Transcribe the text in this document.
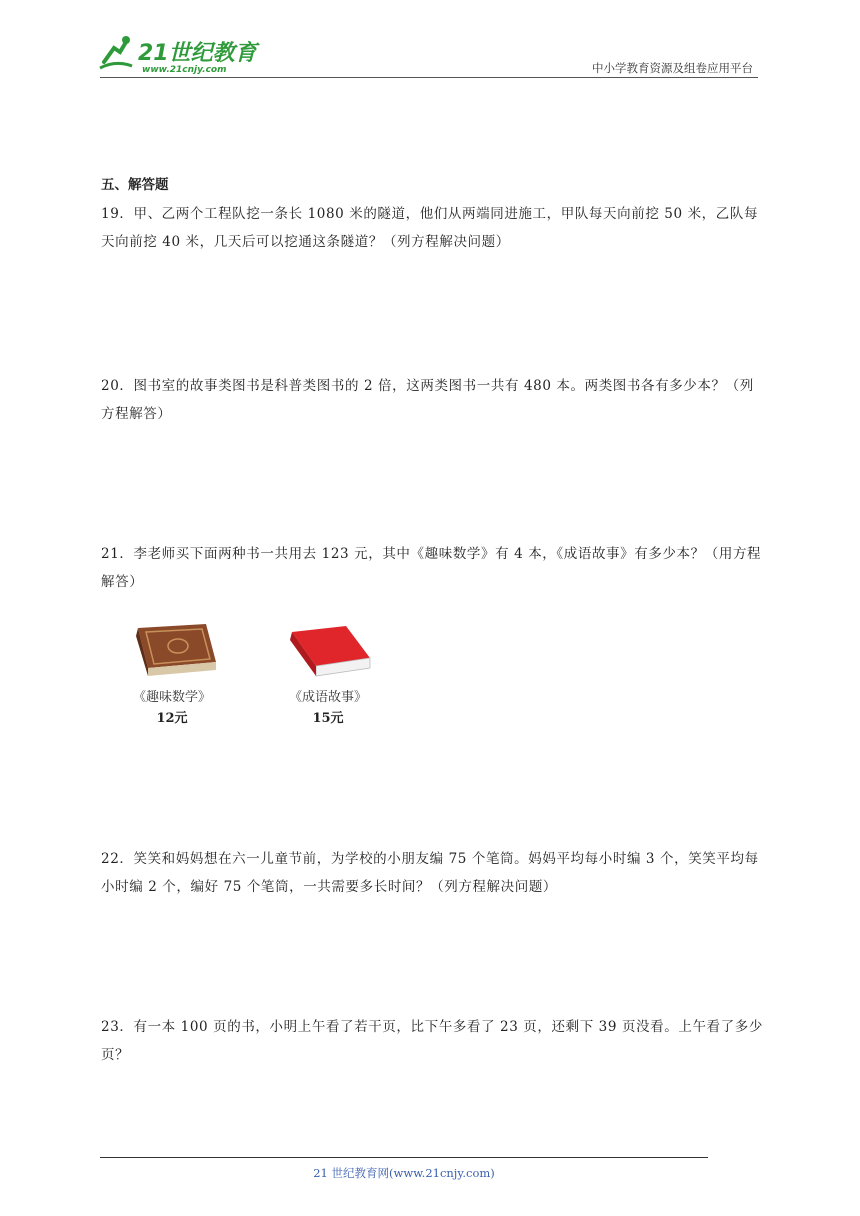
21世纪教育
www.21cnjy.com	中小学教育资源及组卷应用平台
五、解答题
19．甲、乙两个工程队挖一条长 1080 米的隧道，他们从两端同进施工，甲队每天向前挖 50 米，乙队每天向前挖 40 米，几天后可以挖通这条隧道？（列方程解决问题）
20．图书室的故事类图书是科普类图书的 2 倍，这两类图书一共有 480 本。两类图书各有多少本？（列方程解答）
21．李老师买下面两种书一共用去 123 元，其中《趣味数学》有 4 本，《成语故事》有多少本？（用方程解答）
《趣味数学》
12元
《成语故事》
15元
22．笑笑和妈妈想在六一儿童节前，为学校的小朋友编 75 个笔筒。妈妈平均每小时编 3 个，笑笑平均每小时编 2 个，编好 75 个笔筒，一共需要多长时间？（列方程解决问题）
23．有一本 100 页的书，小明上午看了若干页，比下午多看了 23 页，还剩下 39 页没看。上午看了多少页？
21 世纪教育网(www.21cnjy.com)
